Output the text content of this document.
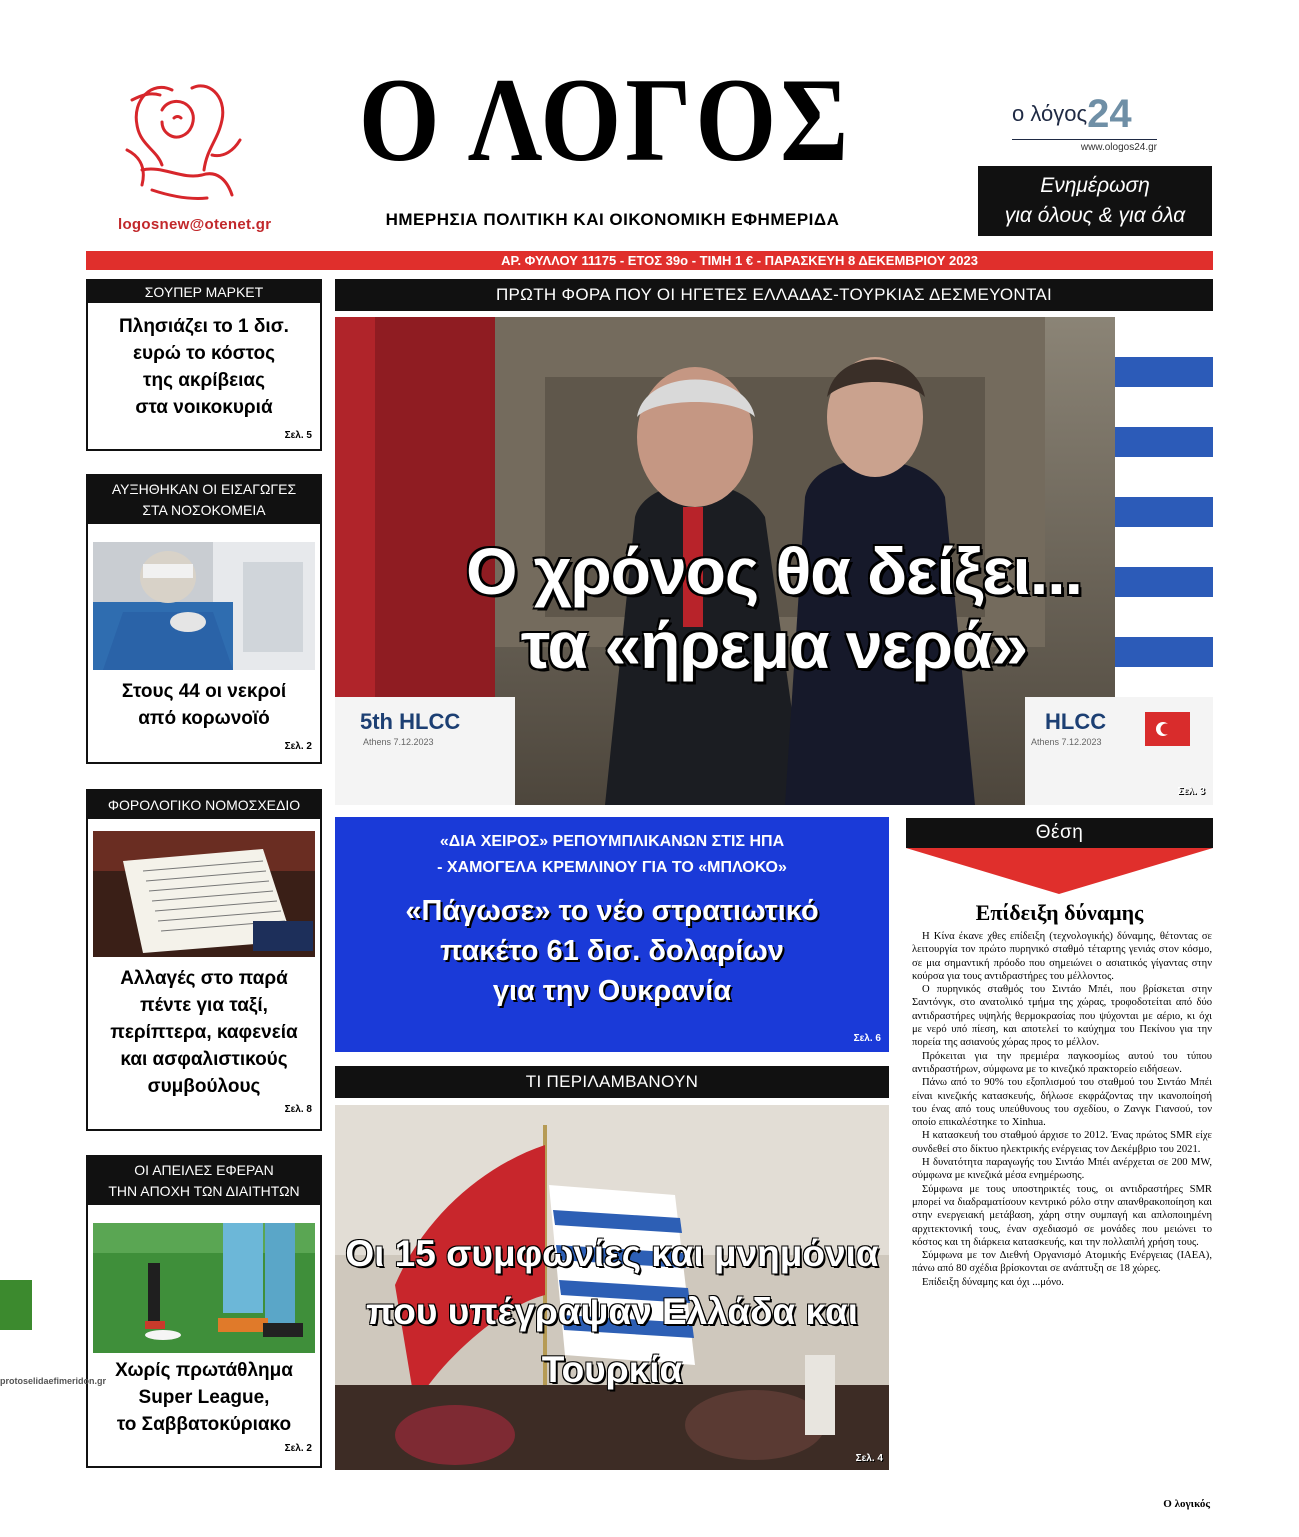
logosnew@otenet.gr
Ο ΛΟΓΟΣ
ΗΜΕΡΗΣΙΑ ΠΟΛΙΤΙΚΗ ΚΑΙ ΟΙΚΟΝΟΜΙΚΗ ΕΦΗΜΕΡΙΔΑ
ο λόγος24
www.ologos24.gr
Ενημέρωση
για όλους & για όλα
ΑΡ. ΦΥΛΛΟΥ 11175 - ΕΤΟΣ 39ο - ΤΙΜΗ 1 € - ΠΑΡΑΣΚΕΥΗ 8 ΔΕΚΕΜΒΡΙΟΥ 2023
ΣΟΥΠΕΡ ΜΑΡΚΕΤ
Πλησιάζει το 1 δισ.
ευρώ το κόστος
της ακρίβειας
στα νοικοκυριά
Σελ. 5
ΑΥΞΗΘΗΚΑΝ ΟΙ ΕΙΣΑΓΩΓΕΣ
ΣΤΑ ΝΟΣΟΚΟΜΕΙΑ
Στους 44 οι νεκροί
από κορωνοϊό
Σελ. 2
ΦΟΡΟΛΟΓΙΚΟ ΝΟΜΟΣΧΕΔΙΟ
Αλλαγές στο παρά
πέντε για ταξί,
περίπτερα, καφενεία
και ασφαλιστικούς
συμβούλους
Σελ. 8
ΟΙ ΑΠΕΙΛΕΣ ΕΦΕΡΑΝ
ΤΗΝ ΑΠΟΧΗ ΤΩΝ ΔΙΑΙΤΗΤΩΝ
Χωρίς πρωτάθλημα
Super League,
το Σαββατοκύριακο
Σελ. 2
ΠΡΩΤΗ ΦΟΡΑ ΠΟΥ ΟΙ ΗΓΕΤΕΣ ΕΛΛΑΔΑΣ-ΤΟΥΡΚΙΑΣ ΔΕΣΜΕΥΟΝΤΑΙ
5th HLCC
Athens 7.12.2023
HLCC
Athens 7.12.2023
Σελ. 3
Ο χρόνος θα δείξει...
τα «ήρεμα νερά»
«ΔΙΑ ΧΕΙΡΟΣ» ΡΕΠΟΥΜΠΛΙΚΑΝΩΝ ΣΤΙΣ ΗΠΑ
- ΧΑΜΟΓΕΛΑ ΚΡΕΜΛΙΝΟΥ ΓΙΑ ΤΟ «ΜΠΛΟΚΟ»
«Πάγωσε» το νέο στρατιωτικό
πακέτο 61 δισ. δολαρίων
για την Ουκρανία
Σελ. 6
ΤΙ ΠΕΡΙΛΑΜΒΑΝΟΥΝ
Σελ. 4
Οι 15 συμφωνίες και μνημόνια
που υπέγραψαν Ελλάδα και Τουρκία
Θέση
Επίδειξη δύναμης

Η Κίνα έκανε χθες επίδειξη (τεχνολογικής) δύναμης, θέτοντας σε λειτουργία τον πρώτο πυρηνικό σταθμό τέταρτης γενιάς στον κόσμο, σε μια σημαντική πρόοδο που σημειώνει ο ασιατικός γίγαντας στην κούρσα για τους αντιδραστήρες του μέλλοντος.

Ο πυρηνικός σταθμός του Σιντάο Μπέι, που βρίσκεται στην Σαντόνγκ, στο ανατολικό τμήμα της χώρας, τροφοδοτείται από δύο αντιδραστήρες υψηλής θερμοκρασίας που ψύχονται με αέριο, κι όχι με νερό υπό πίεση, και αποτελεί το καύχημα του Πεκίνου για την πορεία της ασιανούς χώρας προς το μέλλον.

Πρόκειται για την πρεμιέρα παγκοσμίως αυτού του τύπου αντιδραστήρων, σύμφωνα με το κινεζικό πρακτορείο ειδήσεων.

Πάνω από το 90% του εξοπλισμού του σταθμού του Σιντάο Μπέι είναι κινεζικής κατασκευής, δήλωσε εκφράζοντας την ικανοποίησή του ένας από τους υπεύθυνους του σχεδίου, ο Ζανγκ Γιανσού, τον οποίο επικαλέστηκε το Xinhua.

Η κατασκευή του σταθμού άρχισε το 2012. Ένας πρώτος SMR είχε συνδεθεί στο δίκτυο ηλεκτρικής ενέργειας τον Δεκέμβριο του 2021.

Η δυνατότητα παραγωγής του Σιντάο Μπέι ανέρχεται σε 200 MW, σύμφωνα με κινεζικά μέσα ενημέρωσης.

Σύμφωνα με τους υποστηρικτές τους, οι αντιδραστήρες SMR μπορεί να διαδραματίσουν κεντρικό ρόλο στην απανθρακοποίηση και στην ενεργειακή μετάβαση, χάρη στην συμπαγή και απλοποιημένη αρχιτεκτονική τους, έναν σχεδιασμό σε μονάδες που μειώνει το κόστος και τη διάρκεια κατασκευής, και την πολλαπλή χρήση τους.

Σύμφωνα με τον Διεθνή Οργανισμό Ατομικής Ενέργειας (ΙΑΕΑ), πάνω από 80 σχέδια βρίσκονται σε ανάπτυξη σε 18 χώρες.

Επίδειξη δύναμης και όχι ...μόνο.

Ο λογικός
protoselidaefimeridon.gr
